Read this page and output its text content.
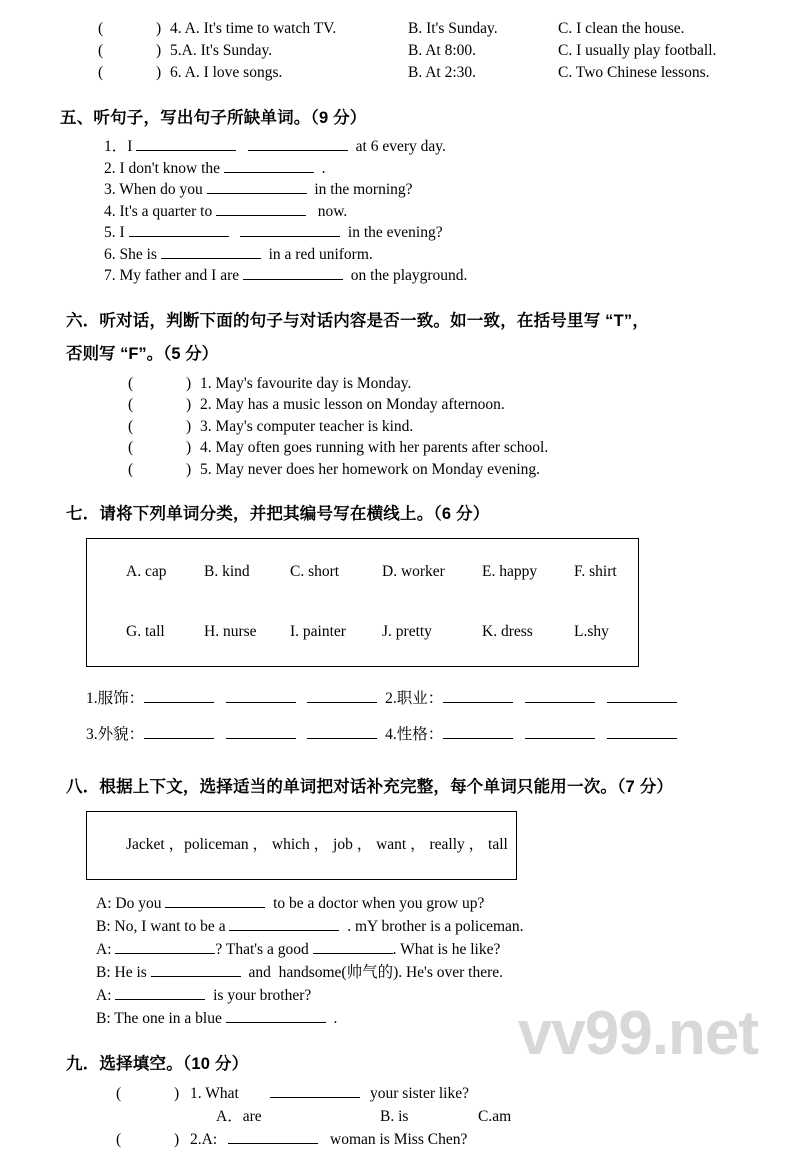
(	) 4. A. It's time to watch TV.	B. It's Sunday.	C. I clean the house.
(	) 5.A. It's Sunday.	B. At 8:00.	C. I usually play football.
(	) 6. A. I love songs.	B. At 2:30.	C. Two Chinese lessons.
五、听句子，写出句子所缺单词。（9 分）
1．I	at 6 every day.
2. I don't know the	.
3. When do you	in the morning?
4. It's a quarter to	now.
5. I	in the evening?
6. She is	in a red uniform.
7. My father and I are	on the playground.
六．听对话，判断下面的句子与对话内容是否一致。如一致，在括号里写 “T”，
否则写 “F”。（5 分）
(	) 1. May's favourite day is Monday.
(	) 2. May has a music lesson on Monday afternoon.
(	) 3. May's computer teacher is kind.
(	) 4. May often goes running with her parents after school.
(	) 5. May never does her homework on Monday evening.
七．请将下列单词分类，并把其编号写在横线上。（6 分）

A. cap B. kind	C. short	D. worker E. happy F. shirt

G. tall	H. nurse I. painter J. pretty	K. dress	L.shy

1.服饰：	2.职业：
3.外貌：	4.性格：
八．根据上下文，选择适当的单词把对话补充完整，每个单词只能用一次。（7 分）

Jacket ，policeman ， which ， job ， want ， really ， tall

A: Do you	to be a doctor when you grow up?
B: No, I want to be a	. mY brother is a policeman.
A:	? That's a good	. What is he like?
B: He is	and  handsome(帅气的). He's over there.
A:	is your brother?
B: The one in a blue	.
九．选择填空。（10 分）
(	) 1. What	your sister like?
A．are	B. is	C.am
(	) 2.A:	woman is Miss Chen?
vv99.net
